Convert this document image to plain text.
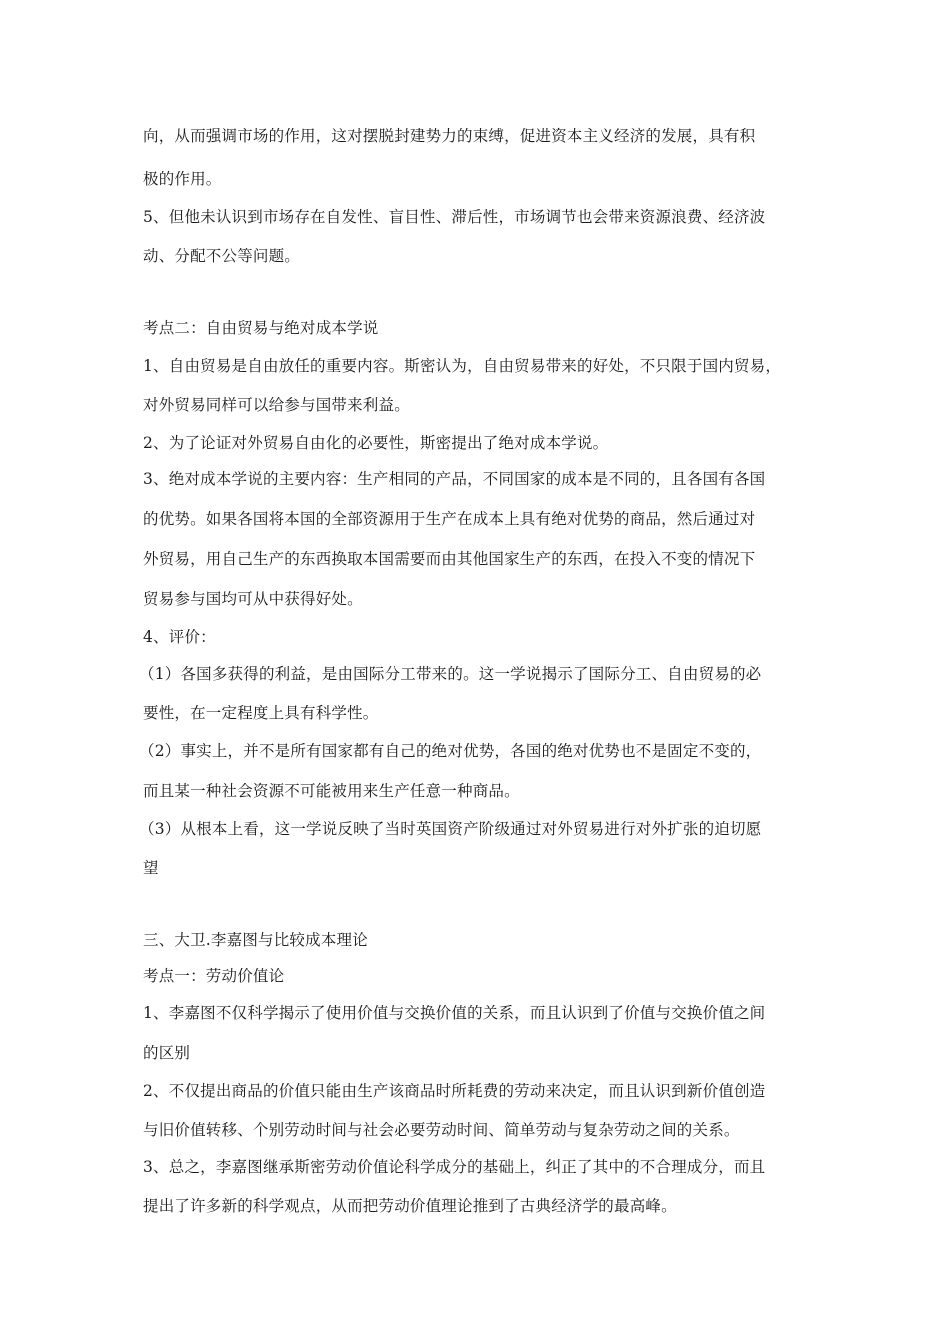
向，从而强调市场的作用，这对摆脱封建势力的束缚，促进资本主义经济的发展，具有积
极的作用。
5、但他未认识到市场存在自发性、盲目性、滞后性，市场调节也会带来资源浪费、经济波
动、分配不公等问题。
考点二：自由贸易与绝对成本学说
1、自由贸易是自由放任的重要内容。斯密认为，自由贸易带来的好处，不只限于国内贸易，
对外贸易同样可以给参与国带来利益。
2、为了论证对外贸易自由化的必要性，斯密提出了绝对成本学说。
3、绝对成本学说的主要内容：生产相同的产品，不同国家的成本是不同的，且各国有各国
的优势。如果各国将本国的全部资源用于生产在成本上具有绝对优势的商品，然后通过对
外贸易，用自己生产的东西换取本国需要而由其他国家生产的东西，在投入不变的情况下
贸易参与国均可从中获得好处。
4、评价：
（1）各国多获得的利益，是由国际分工带来的。这一学说揭示了国际分工、自由贸易的必
要性，在一定程度上具有科学性。
（2）事实上，并不是所有国家都有自己的绝对优势，各国的绝对优势也不是固定不变的，
而且某一种社会资源不可能被用来生产任意一种商品。
（3）从根本上看，这一学说反映了当时英国资产阶级通过对外贸易进行对外扩张的迫切愿
望
三、大卫.李嘉图与比较成本理论
考点一：劳动价值论
1、李嘉图不仅科学揭示了使用价值与交换价值的关系，而且认识到了价值与交换价值之间
的区别
2、不仅提出商品的价值只能由生产该商品时所耗费的劳动来决定，而且认识到新价值创造
与旧价值转移、个别劳动时间与社会必要劳动时间、简单劳动与复杂劳动之间的关系。
3、总之，李嘉图继承斯密劳动价值论科学成分的基础上，纠正了其中的不合理成分，而且
提出了许多新的科学观点，从而把劳动价值理论推到了古典经济学的最高峰。
